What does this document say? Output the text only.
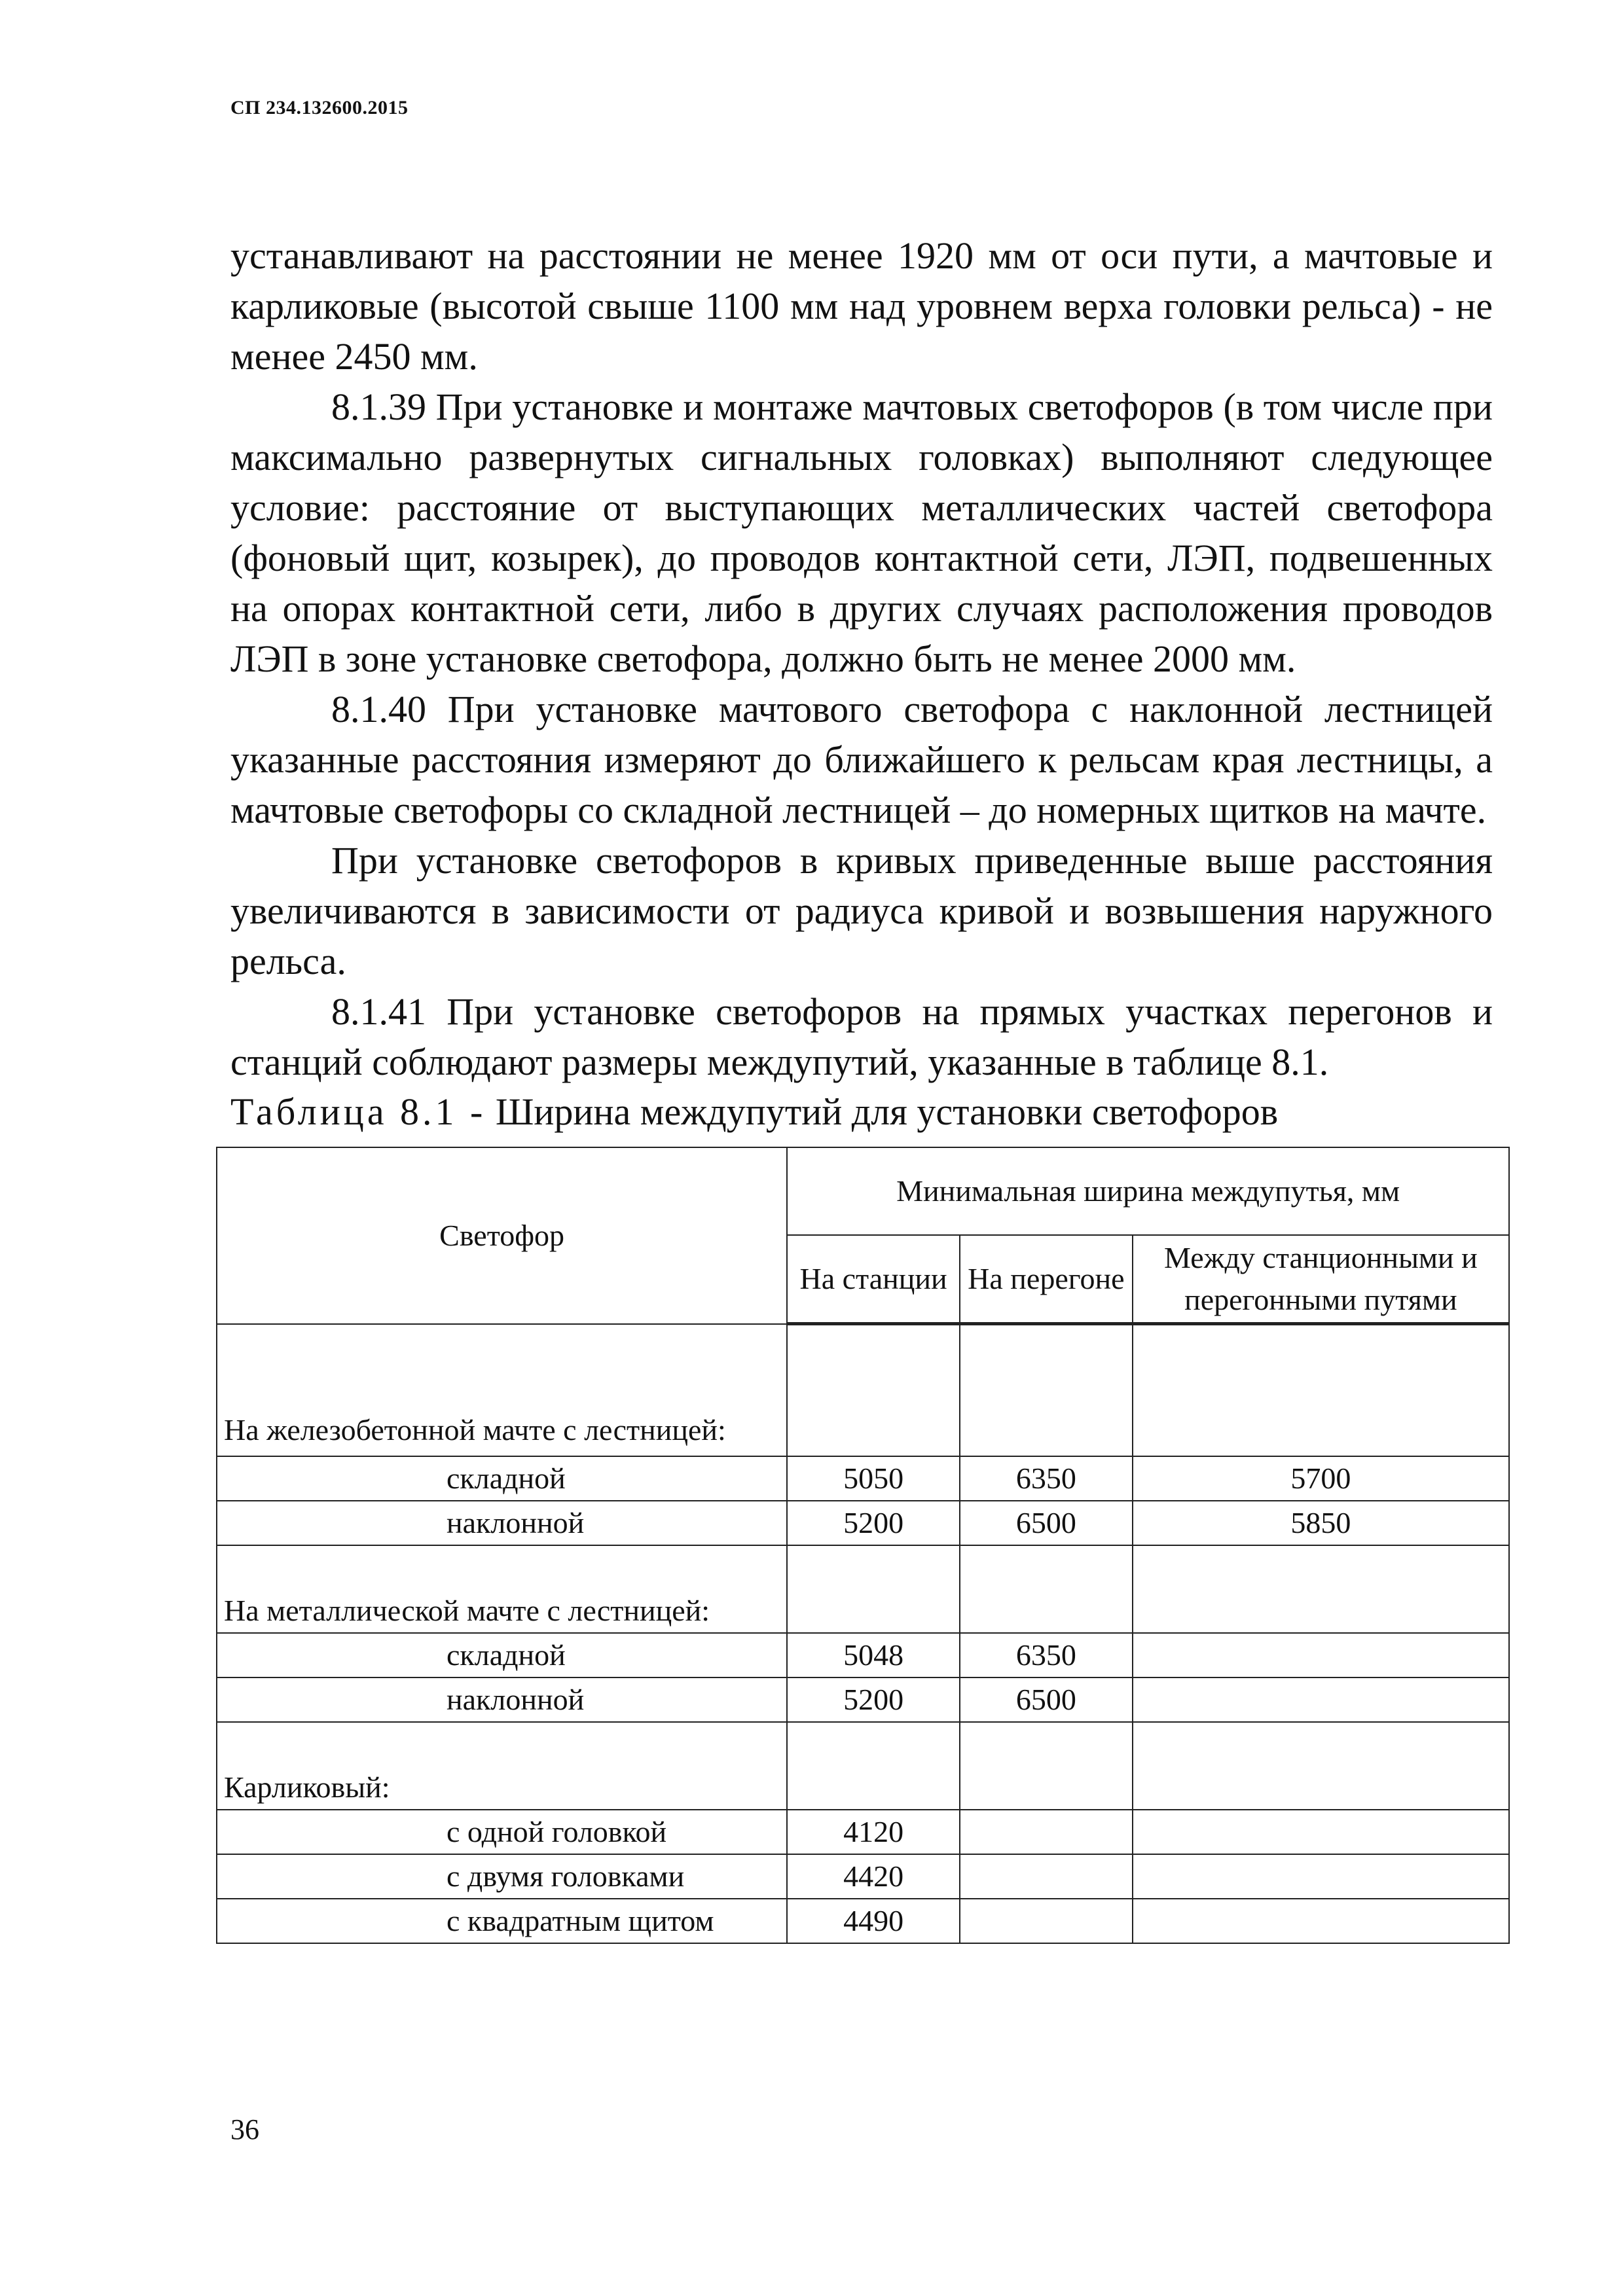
СП 234.132600.2015

устанавливают на расстоянии не менее 1920 мм от оси пути, а мачтовые и карликовые (высотой свыше 1100 мм над уровнем верха головки рельса) - не менее 2450 мм.

8.1.39 При установке и монтаже мачтовых светофоров (в том числе при максимально развернутых сигнальных головках) выполняют следующее условие: расстояние от выступающих металлических частей светофора (фоновый щит, козырек), до проводов контактной сети, ЛЭП, подвешенных на опорах контактной сети, либо в других случаях расположения проводов ЛЭП в зоне установке светофора, должно быть не менее 2000 мм.

8.1.40 При установке мачтового светофора с наклонной лестницей указанные расстояния измеряют до ближайшего к рельсам края лестницы, а мачтовые светофоры со складной лестницей – до номерных щитков на мачте.

При установке светофоров в кривых приведенные выше расстояния увеличиваются в зависимости от радиуса кривой и возвышения наружного рельса.

8.1.41 При установке светофоров на прямых участках перегонов и станций соблюдают размеры междупутий, указанные в таблице 8.1.

Таблица 8.1 - Ширина междупутий для установки светофоров
Светофор	Минимальная ширина междупутья, мм		
	На станции	На перегоне	Между станционными и перегонными путями
На железобетонной мачте с лестницей:			
складной	5050	6350	5700
наклонной	5200	6500	5850
На металлической мачте с лестницей:			
складной	5048	6350	
наклонной	5200	6500	
Карликовый:			
с одной головкой	4120		
с двумя головками	4420		
с квадратным щитом	4490		
36
